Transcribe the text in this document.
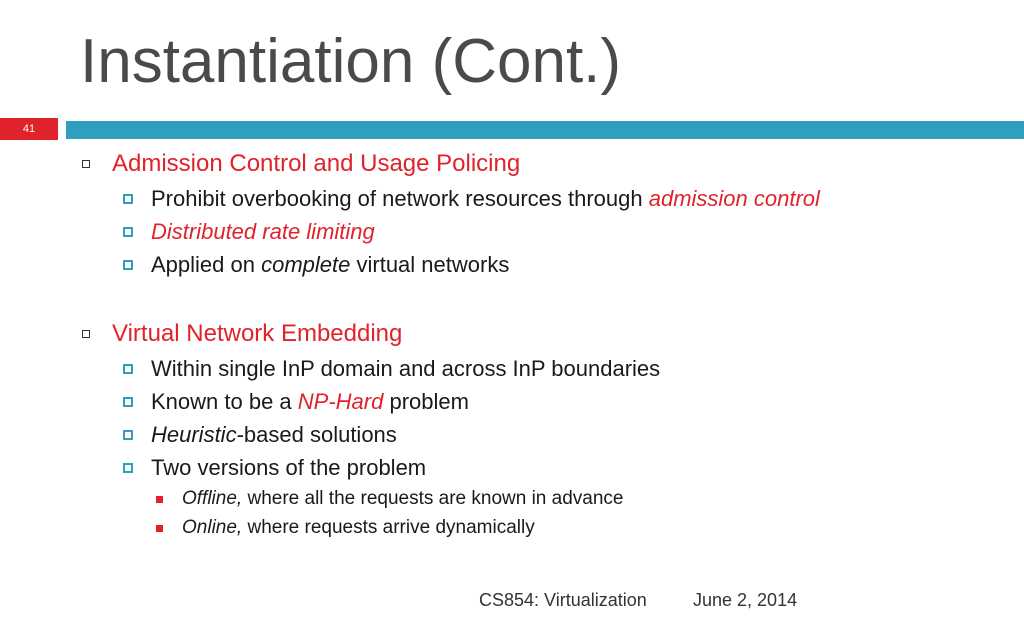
Instantiation (Cont.)
41
Admission Control and Usage Policing
Prohibit overbooking of network resources through admission control
Distributed rate limiting
Applied on complete virtual networks
Virtual Network Embedding
Within single InP domain and across InP boundaries
Known to be a NP-Hard problem
Heuristic -based solutions
Two versions of the problem
Offline, where all the requests are known in advance
Online, where requests arrive dynamically
CS854: Virtualization	June 2, 2014
